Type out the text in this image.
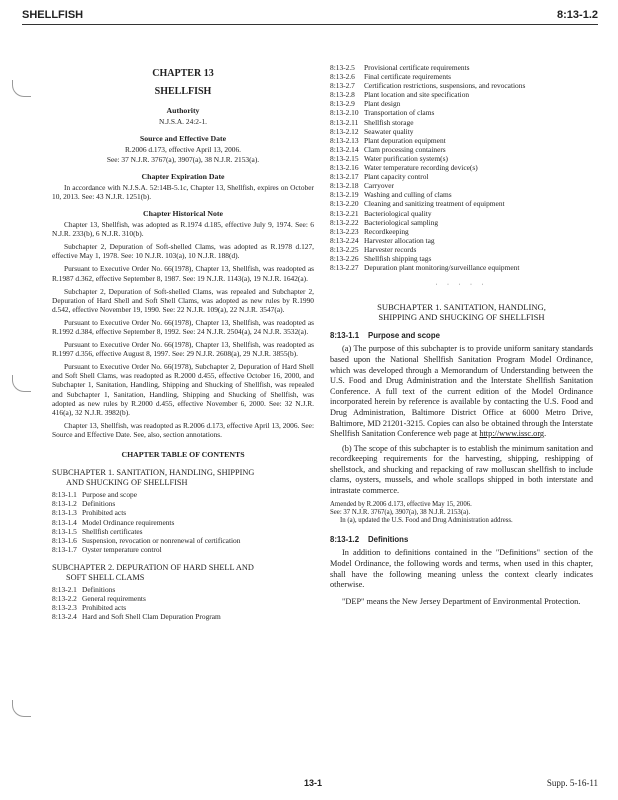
SHELLFISH	8:13-1.2
CHAPTER 13
SHELLFISH
Authority
N.J.S.A. 24:2-1.
Source and Effective Date
R.2006 d.173, effective April 13, 2006.
See: 37 N.J.R. 3767(a), 3907(a), 38 N.J.R. 2153(a).
Chapter Expiration Date

In accordance with N.J.S.A. 52:14B-5.1c, Chapter 13, Shellfish, expires on October 10, 2013. See: 43 N.J.R. 1251(b).

Chapter Historical Note

Chapter 13, Shellfish, was adopted as R.1974 d.185, effective July 9, 1974. See: 6 N.J.R. 233(b), 6 N.J.R. 310(b).

Subchapter 2, Depuration of Soft-shelled Clams, was adopted as R.1978 d.127, effective May 1, 1978. See: 10 N.J.R. 103(a), 10 N.J.R. 188(d).

Pursuant to Executive Order No. 66(1978), Chapter 13, Shellfish, was readopted as R.1987 d.362, effective September 8, 1987. See: 19 N.J.R. 1143(a), 19 N.J.R. 1642(a).

Subchapter 2, Depuration of Soft-shelled Clams, was repealed and Subchapter 2, Depuration of Hard Shell and Soft Shell Clams, was adopted as new rules by R.1990 d.542, effective November 19, 1990. See: 22 N.J.R. 109(a), 22 N.J.R. 3547(a).

Pursuant to Executive Order No. 66(1978), Chapter 13, Shellfish, was readopted as R.1992 d.384, effective September 8, 1992. See: 24 N.J.R. 2504(a), 24 N.J.R. 3532(a).

Pursuant to Executive Order No. 66(1978), Chapter 13, Shellfish, was readopted as R.1997 d.356, effective August 8, 1997. See: 29 N.J.R. 2608(a), 29 N.J.R. 3855(b).

Pursuant to Executive Order No. 66(1978), Subchapter 2, Depuration of Hard Shell and Soft Shell Clams, was readopted as R.2000 d.455, effective October 16, 2000, and Subchapter 1, Sanitation, Handling, Shipping and Shucking of Shellfish, was repealed and Subchapter 1, Sanitation, Handling, Shipping and Shucking of Shellfish, was adopted as new rules by R.2000 d.455, effective November 6, 2000. See: 32 N.J.R. 416(a), 32 N.J.R. 3982(b).

Chapter 13, Shellfish, was readopted as R.2006 d.173, effective April 13, 2006. See: Source and Effective Date. See, also, section annotations.

CHAPTER TABLE OF CONTENTS
SUBCHAPTER 1. SANITATION, HANDLING, SHIPPING
AND SHUCKING OF SHELLFISH
8:13-1.1 Purpose and scope
8:13-1.2 Definitions
8:13-1.3 Prohibited acts
8:13-1.4 Model Ordinance requirements
8:13-1.5 Shellfish certificates
8:13-1.6 Suspension, revocation or nonrenewal of certification
8:13-1.7 Oyster temperature control
SUBCHAPTER 2. DEPURATION OF HARD SHELL AND
SOFT SHELL CLAMS
8:13-2.1 Definitions
8:13-2.2 General requirements
8:13-2.3 Prohibited acts
8:13-2.4 Hard and Soft Shell Clam Depuration Program
8:13-2.5	Provisional certificate requirements
8:13-2.6	Final certificate requirements
8:13-2.7	Certification restrictions, suspensions, and revocations
8:13-2.8	Plant location and site specification
8:13-2.9	Plant design
8:13-2.10 Transportation of clams
8:13-2.11 Shellfish storage
8:13-2.12 Seawater quality
8:13-2.13 Plant depuration equipment
8:13-2.14 Clam processing containers
8:13-2.15 Water purification system(s)
8:13-2.16 Water temperature recording device(s)
8:13-2.17 Plant capacity control
8:13-2.18 Carryover
8:13-2.19 Washing and culling of clams
8:13-2.20 Cleaning and sanitizing treatment of equipment
8:13-2.21 Bacteriological quality
8:13-2.22 Bacteriological sampling
8:13-2.23 Recordkeeping
8:13-2.24 Harvester allocation tag
8:13-2.25 Harvester records
8:13-2.26 Shellfish shipping tags
8:13-2.27 Depuration plant monitoring/surveillance equipment
· · · · ·
SUBCHAPTER 1. SANITATION, HANDLING,
SHIPPING AND SHUCKING OF SHELLFISH
8:13-1.1 Purpose and scope

(a) The purpose of this subchapter is to provide uniform sanitary standards based upon the National Shellfish Sanitation Program Model Ordinance, which was developed through a Memorandum of Understanding between the U.S. Food and Drug Administration and the Interstate Shellfish Sanitation Conference. A full text of the current edition of the Model Ordinance incorporated herein by reference is available by contacting the U.S. Food and Drug Administration, Baltimore District Office at 6000 Metro Drive, Baltimore, MD 21201-3215. Copies can also be obtained through the Interstate Shellfish Sanitation Conference web page at http://www.issc.org.

(b) The scope of this subchapter is to establish the minimum sanitation and recordkeeping requirements for the harvesting, shipping, reshipping of shellstock, and shucking and repacking of raw molluscan shellfish to include clams, oysters, mussels, and whole scallops shipped in both interstate and intrastate commerce.

Amended by R.2006 d.173, effective May 15, 2006.
See: 37 N.J.R. 3767(a), 3907(a), 38 N.J.R. 2153(a).
In (a), updated the U.S. Food and Drug Administration address.
8:13-1.2 Definitions

In addition to definitions contained in the "Definitions" section of the Model Ordinance, the following words and terms, when used in this chapter, shall have the following meaning unless the context clearly indicates otherwise.

"DEP" means the New Jersey Department of Environmental Protection.

13-1	Supp. 5-16-11
